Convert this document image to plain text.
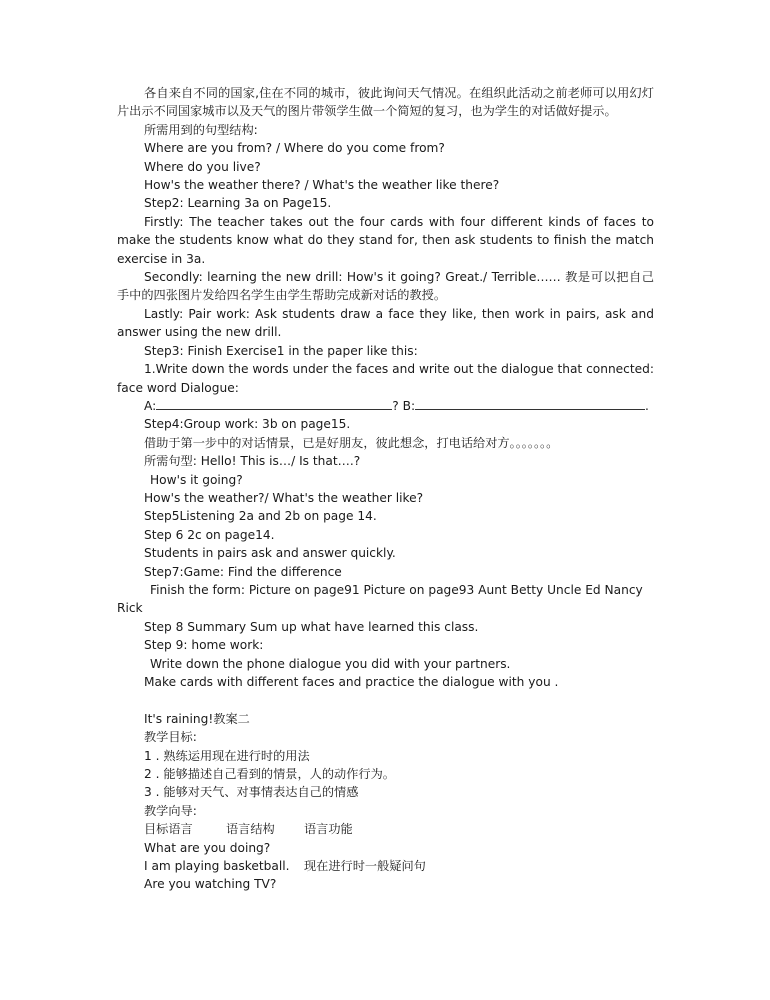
各自来自不同的国家,住在不同的城市，彼此询问天气情况。在组织此活动之前老师可以用幻灯片出示不同国家城市以及天气的图片带领学生做一个简短的复习，也为学生的对话做好提示。

所需用到的句型结构:

Where are you from? / Where do you come from?

Where do you live?

How's the weather there? / What's the weather like there?

Step2: Learning 3a on Page15.

Firstly: The teacher takes out the four cards with four different kinds of faces to make the students know what do they stand for, then ask students to finish the match exercise in 3a.

Secondly: learning the new drill: How's it going? Great./ Terrible…… 教是可以把自己手中的四张图片发给四名学生由学生帮助完成新对话的教授。

Lastly: Pair work: Ask students draw a face they like, then work in pairs, ask and answer using the new drill.

Step3: Finish Exercise1 in the paper like this:

1.Write down the words under the faces and write out the dialogue that connected: face word Dialogue:

A:	? B:	.

Step4:Group work: 3b on page15.

借助于第一步中的对话情景，已是好朋友，彼此想念，打电话给对方。。。。。。。

所需句型: Hello! This is…/ Is that….?

How's it going?

How's the weather?/ What's the weather like?

Step5Listening 2a and 2b on page 14.

Step 6 2c on page14.

Students in pairs ask and answer quickly.

Step7:Game: Find the difference

Finish the form: Picture on page91 Picture on page93 Aunt Betty Uncle Ed Nancy Rick

Step 8 Summary Sum up what have learned this class.

Step 9: home work:

Write down the phone dialogue you did with your partners.

Make cards with different faces and practice the dialogue with you .

It's raining!教案二

教学目标:

1 . 熟练运用现在进行时的用法

2 . 能够描述自己看到的情景，人的动作行为。

3 . 能够对天气、对事情表达自己的情感

教学向导:

目标语言	语言结构 语言功能

What are you doing?

I am playing basketball. 现在进行时一般疑问句

Are you watching TV?
